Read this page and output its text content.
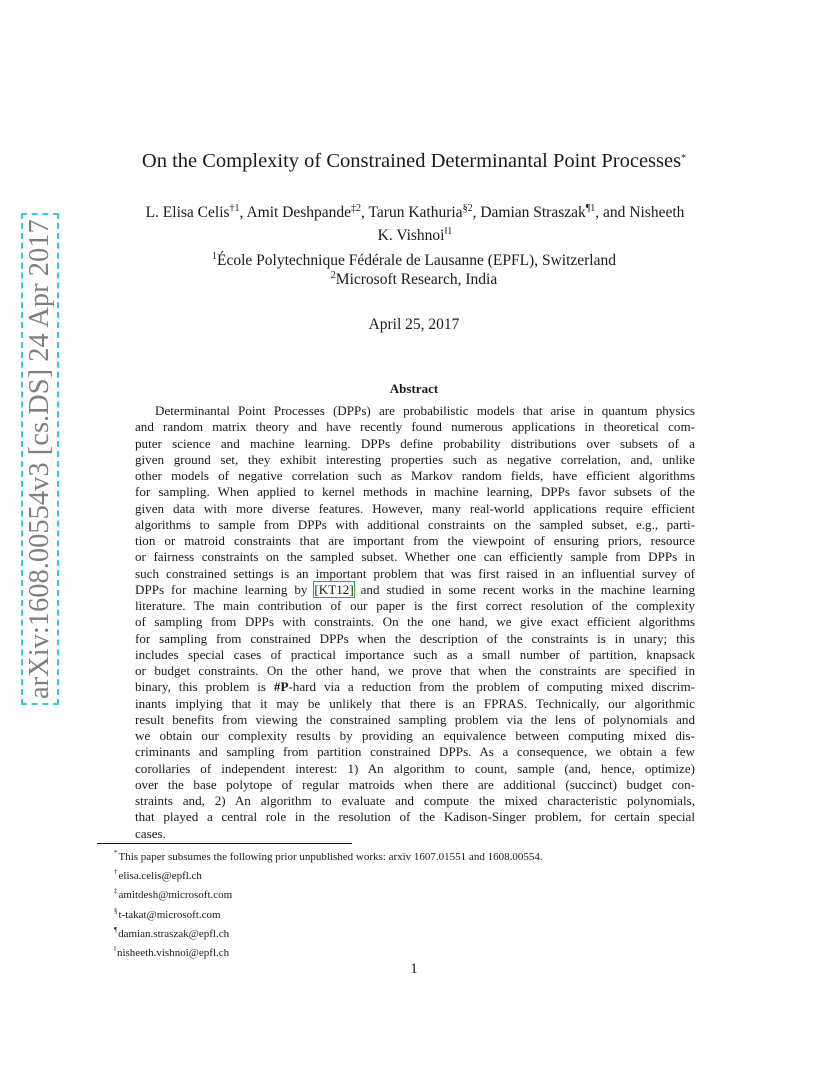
arXiv:1608.00554v3 [cs.DS] 24 Apr 2017
On the Complexity of Constrained Determinantal Point Processes*
L. Elisa Celis$^{\dagger 1}$, Amit Deshpande$^{\ddagger 2}$, Tarun Kathuria$^{\S 2}$, Damian Straszak$^{\P 1}$, and Nisheeth
K. Vishnoi$^{‖1}$
$^1$École Polytechnique Fédérale de Lausanne (EPFL), Switzerland
$^2$Microsoft Research, India
April 25, 2017
Abstract
Determinantal Point Processes (DPPs) are probabilistic models that arise in quantum physics
and random matrix theory and have recently found numerous applications in theoretical com-
puter science and machine learning. DPPs define probability distributions over subsets of a
given ground set, they exhibit interesting properties such as negative correlation, and, unlike
other models of negative correlation such as Markov random fields, have efficient algorithms
for sampling. When applied to kernel methods in machine learning, DPPs favor subsets of the
given data with more diverse features. However, many real-world applications require efficient
algorithms to sample from DPPs with additional constraints on the sampled subset, e.g., parti-
tion or matroid constraints that are important from the viewpoint of ensuring priors, resource
or fairness constraints on the sampled subset. Whether one can efficiently sample from DPPs in
such constrained settings is an important problem that was first raised in an influential survey of
DPPs for machine learning by [KT12] and studied in some recent works in the machine learning
literature. The main contribution of our paper is the first correct resolution of the complexity
of sampling from DPPs with constraints. On the one hand, we give exact efficient algorithms
for sampling from constrained DPPs when the description of the constraints is in unary; this
includes special cases of practical importance such as a small number of partition, knapsack
or budget constraints. On the other hand, we prove that when the constraints are specified in
binary, this problem is #P-hard via a reduction from the problem of computing mixed discrim-
inants implying that it may be unlikely that there is an FPRAS. Technically, our algorithmic
result benefits from viewing the constrained sampling problem via the lens of polynomials and
we obtain our complexity results by providing an equivalence between computing mixed dis-
criminants and sampling from partition constrained DPPs. As a consequence, we obtain a few
corollaries of independent interest: 1) An algorithm to count, sample (and, hence, optimize)
over the base polytope of regular matroids when there are additional (succinct) budget con-
straints and, 2) An algorithm to evaluate and compute the mixed characteristic polynomials,
that played a central role in the resolution of the Kadison-Singer problem, for certain special
cases.
*This paper subsumes the following prior unpublished works: arxiv 1607.01551 and 1608.00554.
†elisa.celis@epfl.ch
‡amitdesh@microsoft.com
§t-takat@microsoft.com
¶damian.straszak@epfl.ch
‖nisheeth.vishnoi@epfl.ch
1
